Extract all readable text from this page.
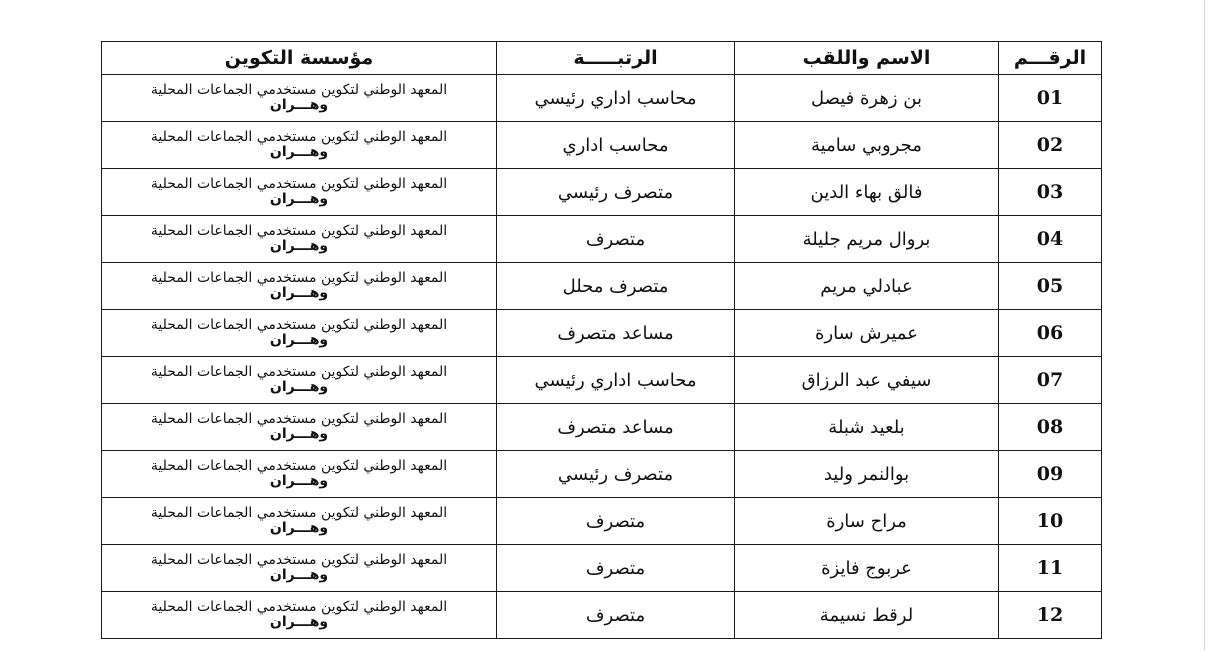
الرقـــم	الاسم واللقب	الرتبـــــة	مؤسسة التكوين
01	بن زهرة فيصل	محاسب اداري رئيسي	المعهد الوطني لتكوين مستخدمي الجماعات المحلية
وهـــران

02	مجروبي سامية	محاسب اداري	المعهد الوطني لتكوين مستخدمي الجماعات المحلية
وهـــران

03	فالق بهاء الدين	متصرف رئيسي	المعهد الوطني لتكوين مستخدمي الجماعات المحلية
وهـــران

04	بروال مريم جليلة	متصرف	المعهد الوطني لتكوين مستخدمي الجماعات المحلية
وهـــران

05	عبادلي مريم	متصرف محلل	المعهد الوطني لتكوين مستخدمي الجماعات المحلية
وهـــران

06	عميرش سارة	مساعد متصرف	المعهد الوطني لتكوين مستخدمي الجماعات المحلية
وهـــران

07	سيفي عبد الرزاق	محاسب اداري رئيسي	المعهد الوطني لتكوين مستخدمي الجماعات المحلية
وهـــران

08	بلعيد شبلة	مساعد متصرف	المعهد الوطني لتكوين مستخدمي الجماعات المحلية
وهـــران

09	بوالنمر وليد	متصرف رئيسي	المعهد الوطني لتكوين مستخدمي الجماعات المحلية
وهـــران

10	مراح سارة	متصرف	المعهد الوطني لتكوين مستخدمي الجماعات المحلية
وهـــران

11	عربوج فايزة	متصرف	المعهد الوطني لتكوين مستخدمي الجماعات المحلية
وهـــران

12	لرقط نسيمة	متصرف	المعهد الوطني لتكوين مستخدمي الجماعات المحلية
وهـــران
